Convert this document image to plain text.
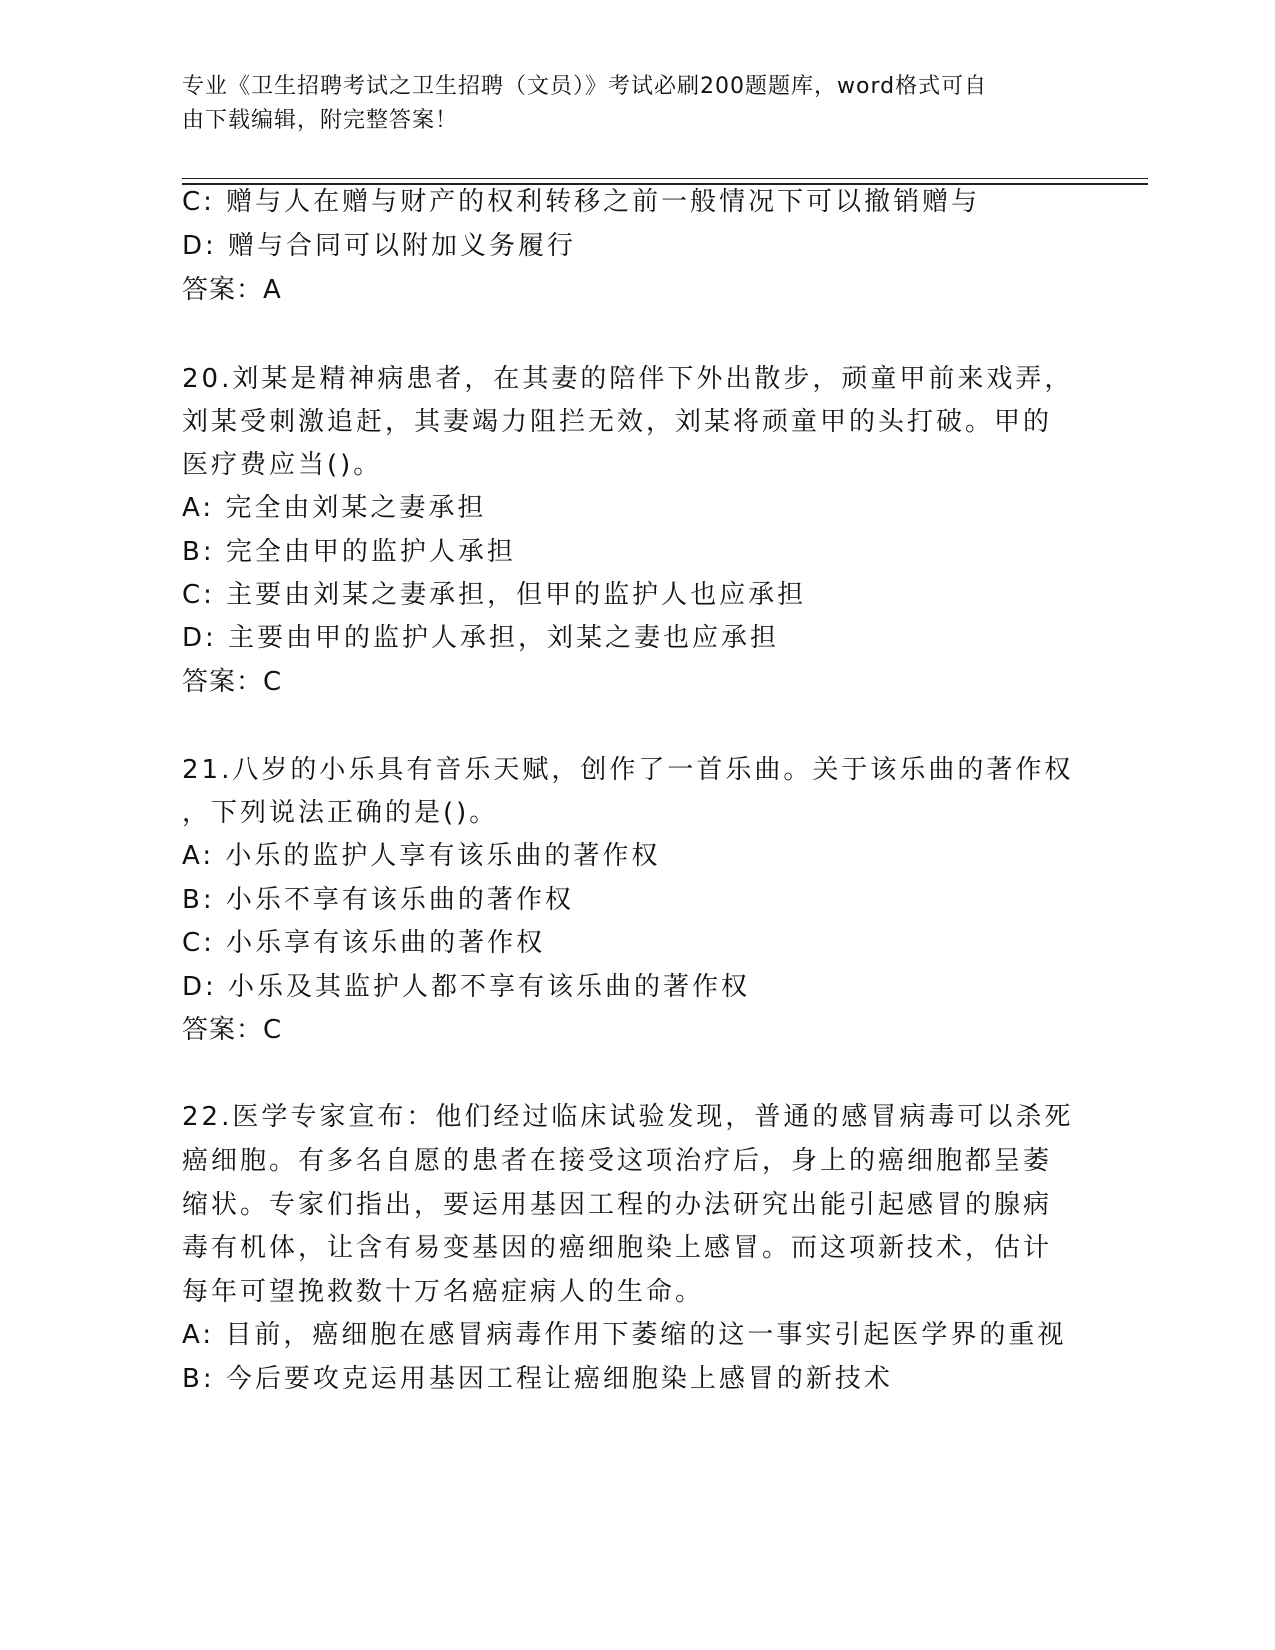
专业《卫生招聘考试之卫生招聘（文员）》考试必刷200题题库，word格式可自
由下载编辑，附完整答案！
C: 赠与人在赠与财产的权利转移之前一般情况下可以撤销赠与
D: 赠与合同可以附加义务履行
答案：A
20.刘某是精神病患者，在其妻的陪伴下外出散步，顽童甲前来戏弄，
刘某受刺激追赶，其妻竭力阻拦无效，刘某将顽童甲的头打破。甲的
医疗费应当()。
A: 完全由刘某之妻承担
B: 完全由甲的监护人承担
C: 主要由刘某之妻承担，但甲的监护人也应承担
D: 主要由甲的监护人承担，刘某之妻也应承担
答案：C
21.八岁的小乐具有音乐天赋，创作了一首乐曲。关于该乐曲的著作权
，下列说法正确的是()。
A: 小乐的监护人享有该乐曲的著作权
B: 小乐不享有该乐曲的著作权
C: 小乐享有该乐曲的著作权
D: 小乐及其监护人都不享有该乐曲的著作权
答案：C
22.医学专家宣布：他们经过临床试验发现，普通的感冒病毒可以杀死
癌细胞。有多名自愿的患者在接受这项治疗后，身上的癌细胞都呈萎
缩状。专家们指出，要运用基因工程的办法研究出能引起感冒的腺病
毒有机体，让含有易变基因的癌细胞染上感冒。而这项新技术，估计
每年可望挽救数十万名癌症病人的生命。
A: 目前，癌细胞在感冒病毒作用下萎缩的这一事实引起医学界的重视
B: 今后要攻克运用基因工程让癌细胞染上感冒的新技术
